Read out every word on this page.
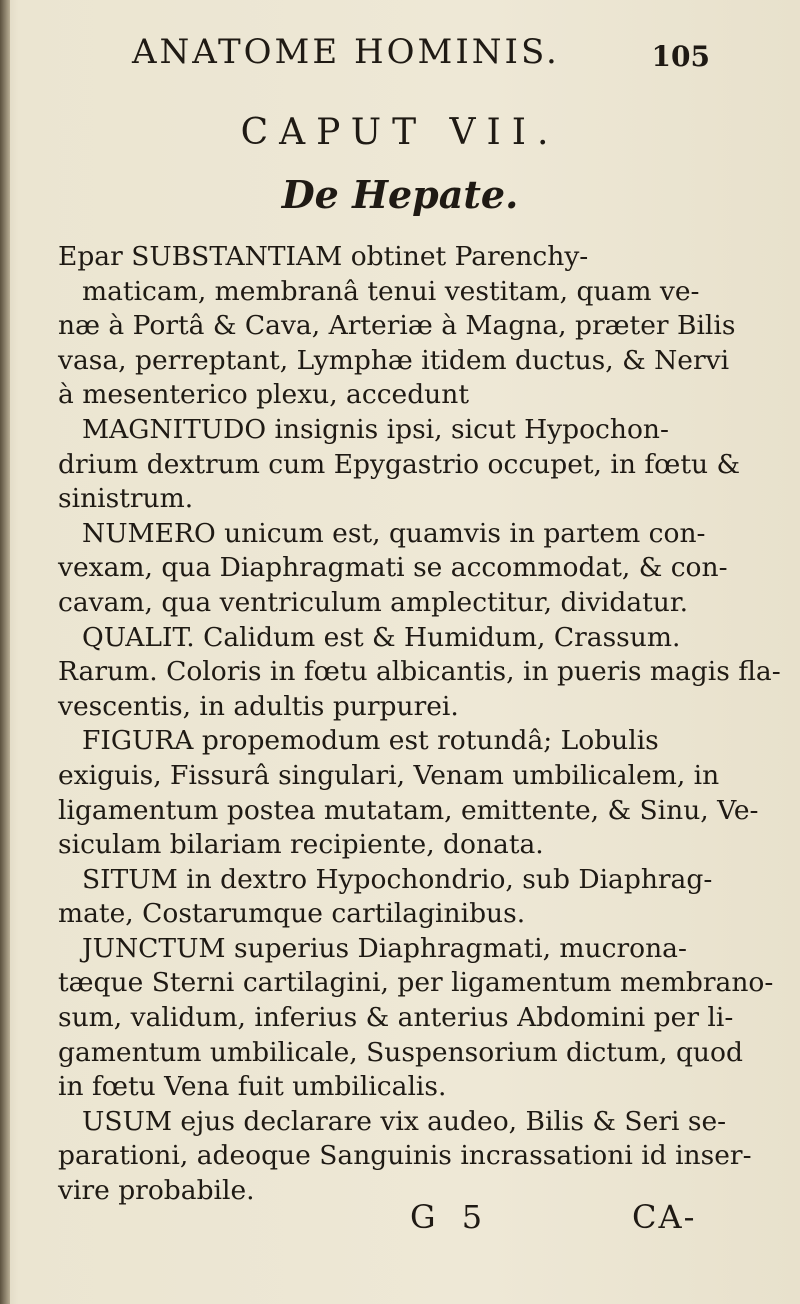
ANATOME HOMINIS.	105
CAPUT VII.
De Hepate.
Epar SUBSTANTIAM obtinet Parenchy-
maticam, membranâ tenui vestitam, quam ve-
næ à Portâ & Cava, Arteriæ à Magna, præter Bilis
vasa, perreptant, Lymphæ itidem ductus, & Nervi
à mesenterico plexu, accedunt
MAGNITUDO insignis ipsi, sicut Hypochon-
drium dextrum cum Epygastrio occupet, in fœtu &
sinistrum.
NUMERO unicum est, quamvis in partem con-
vexam, qua Diaphragmati se accommodat, & con-
cavam, qua ventriculum amplectitur, dividatur.
QUALIT. Calidum est & Humidum, Crassum.
Rarum. Coloris in fœtu albicantis, in pueris magis fla-
vescentis, in adultis purpurei.
FIGURA propemodum est rotundâ; Lobulis
exiguis, Fissurâ singulari, Venam umbilicalem, in
ligamentum postea mutatam, emittente, & Sinu, Ve-
siculam bilariam recipiente, donata.
SITUM in dextro Hypochondrio, sub Diaphrag-
mate, Costarumque cartilaginibus.
JUNCTUM superius Diaphragmati, mucrona-
tæque Sterni cartilagini, per ligamentum membrano-
sum, validum, inferius & anterius Abdomini per li-
gamentum umbilicale, Suspensorium dictum, quod
in fœtu Vena fuit umbilicalis.
USUM ejus declarare vix audeo, Bilis & Seri se-
parationi, adeoque Sanguinis incrassationi id inser-
vire probabile.
G 5	CA-
